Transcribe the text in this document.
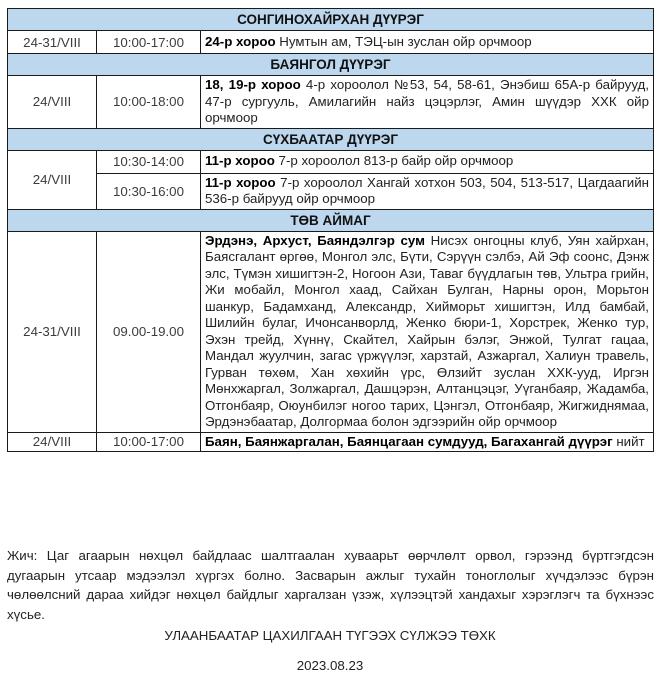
СОНГИНОХАЙРХАН ДҮҮРЭГ		
24-31/VIII	10:00-17:00	24-р хороо Нумтын ам, ТЭЦ-ын зуслан ойр орчмоор
БАЯНГОЛ ДҮҮРЭГ		
24/VIII	10:00-18:00	18, 19-р хороо 4-р хороолол №53, 54, 58-61, Энэбиш 65А-р байрууд, 47-р сургууль, Амилагийн найз цэцэрлэг, Амин шүүдэр ХХК ойр орчмоор
СҮХБААТАР ДҮҮРЭГ		
24/VIII	10:30-14:00	11-р хороо 7-р хороолол 813-р байр ойр орчмоор
	10:30-16:00	11-р хороо 7-р хороолол Хангай хотхон 503, 504, 513-517, Цагдаагийн 536-р байрууд ойр орчмоор
ТӨВ АЙМАГ		
24-31/VIII	09.00-19.00	Эрдэнэ, Архуст, Баяндэлгэр сум Нисэх онгоцны клуб, Уян хайрхан, Баясгалант өргөө, Монгол элс, Бүти, Сэрүүн сэлбэ, Ай Эф соонс, Дэнж элс, Түмэн хишигтэн-2, Ногоон Ази, Таваг бүүдлагын төв, Ультра грийн, Жи мобайл, Монгол хаад, Сайхан Булган, Нарны орон, Морьтон шанкур, Бадамханд, Александр, Хийморьт хишигтэн, Илд бамбай, Шилийн булаг, Ичонсанворлд, Женко бюри-1, Хорстрек, Женко тур, Эхэн трейд, Хүннү, Скайтел, Хайрын бэлэг, Энжой, Тулгат гацаа, Мандал жуулчин, загас үржүүлэг, харзтай, Азжаргал, Халиун травель, Гурван төхөм, Хан хөхийн үрс, Өлзийт зуслан ХХК-ууд, Иргэн Мөнхжаргал, Золжаргал, Дашцэрэн, Алтанцэцэг, Уүганбаяр, Жадамба, Отгонбаяр, Оюунбилэг ногоо тарих, Цэнгэл, Отгонбаяр, Жигжиднямаа, Эрдэнэбаатар, Долгормаа болон эдгээрийн ойр орчмоор
24/VIII	10:00-17:00	Баян, Баянжаргалан, Баянцагаан сумдууд, Багахангай дүүрэг нийт
Жич: Цаг агаарын нөхцөл байдлаас шалтгаалан хуваарьт өөрчлөлт орвол, гэрээнд бүртгэгдсэн дугаарын утсаар мэдээлэл хүргэх болно. Засварын ажлыг тухайн тоноглолыг хүчдэлээс бүрэн чөлөөлсний дараа хийдэг нөхцөл байдлыг харгалзан үзэж, хүлээцтэй хандахыг хэрэглэгч та бүхнээс хүсье.
УЛААНБААТАР ЦАХИЛГААН ТҮГЭЭХ СҮЛЖЭЭ ТӨХК
2023.08.23
